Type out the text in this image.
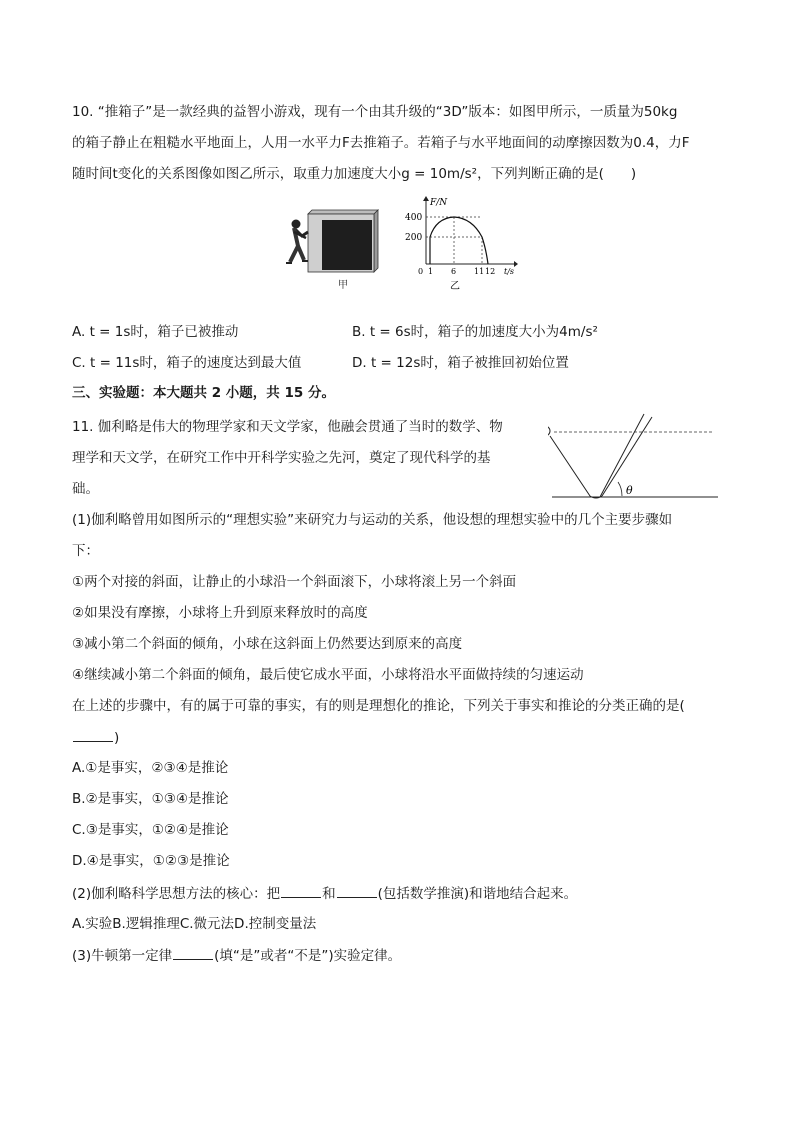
10. “推箱子”是一款经典的益智小游戏，现有一个由其升级的“3D”版本：如图甲所示，一质量为50kg
的箱子静止在粗糙水平地面上，人用一水平力F去推箱子。若箱子与水平地面间的动摩擦因数为0.4，力F
随时间t变化的关系图像如图乙所示，取重力加速度大小g = 10m/s²，下列判断正确的是(　　)
甲
F/N
t/s
400
200
0 1 6 11 12
乙
A. t = 1s时，箱子已被推动	B. t = 6s时，箱子的加速度大小为4m/s²
C. t = 11s时，箱子的速度达到最大值	D. t = 12s时，箱子被推回初始位置
三、实验题：本大题共 2 小题，共 15 分。
11. 伽利略是伟大的物理学家和天文学家，他融会贯通了当时的数学、物
理学和天文学，在研究工作中开科学实验之先河，奠定了现代科学的基
础。	θ
(1)伽利略曾用如图所示的“理想实验”来研究力与运动的关系，他设想的理想实验中的几个主要步骤如
下：
①两个对接的斜面，让静止的小球沿一个斜面滚下，小球将滚上另一个斜面
②如果没有摩擦，小球将上升到原来释放时的高度
③减小第二个斜面的倾角，小球在这斜面上仍然要达到原来的高度
④继续减小第二个斜面的倾角，最后使它成水平面，小球将沿水平面做持续的匀速运动
在上述的步骤中，有的属于可靠的事实，有的则是理想化的推论，下列关于事实和推论的分类正确的是(
)
A.①是事实，②③④是推论
B.②是事实，①③④是推论
C.③是事实，①②④是推论
D.④是事实，①②③是推论
(2)伽利略科学思想方法的核心：把	和	(包括数学推演)和谐地结合起来。
A.实验B.逻辑推理C.微元法D.控制变量法
(3)牛顿第一定律	(填“是”或者“不是”)实验定律。
